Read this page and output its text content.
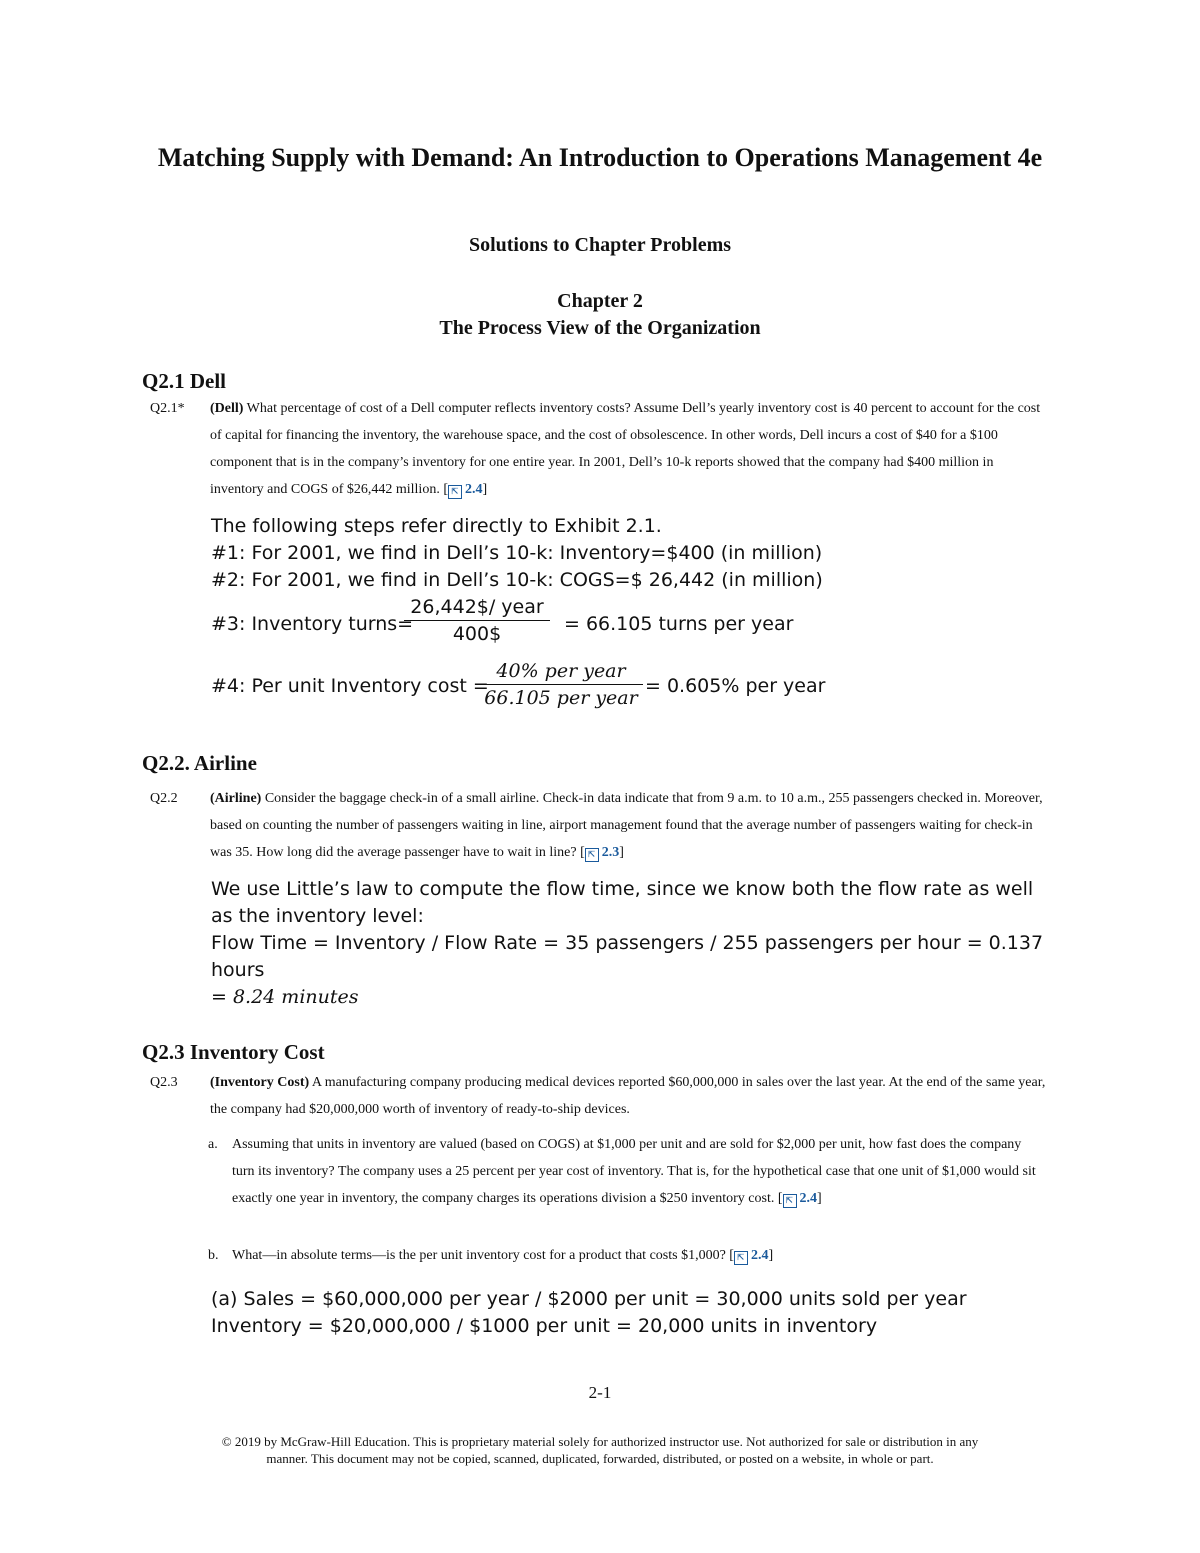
Matching Supply with Demand: An Introduction to Operations Management 4e
Solutions to Chapter Problems
Chapter 2
The Process View of the Organization
Q2.1 Dell
Q2.1*	(Dell) What percentage of cost of a Dell computer reflects inventory costs? Assume Dell’s yearly inventory cost is 40 percent to account for the cost of capital for financing the inventory, the warehouse space, and the cost of obsolescence. In other words, Dell incurs a cost of $40 for a $100 component that is in the company’s inventory for one entire year. In 2001, Dell’s 10-k reports showed that the company had $400 million in inventory and COGS of $26,442 million. [ ⇱ 2.4]
The following steps refer directly to Exhibit 2.1.
#1: For 2001, we find in Dell’s 10-k: Inventory=$400 (in million)
#2: For 2001, we find in Dell’s 10-k: COGS=$ 26,442 (in million)
#3: Inventory turns=
26,442$/ year
400$	= 66.105 turns per year
#4: Per unit Inventory cost =
40% per year
66.105 per year
= 0.605% per year
Q2.2. Airline
Q2.2	(Airline) Consider the baggage check-in of a small airline. Check-in data indicate that from 9 a.m. to 10 a.m., 255 passengers checked in. Moreover, based on counting the number of passengers waiting in line, airport management found that the average number of passengers waiting for check-in was 35. How long did the average passenger have to wait in line? [ ⇱ 2.3]
We use Little’s law to compute the flow time, since we know both the flow rate as well
as the inventory level:
Flow Time = Inventory / Flow Rate = 35 passengers / 255 passengers per hour = 0.137
hours
= 8.24 minutes
Q2.3 Inventory Cost
Q2.3	(Inventory Cost) A manufacturing company producing medical devices reported $60,000,000 in sales over the last year. At the end of the same year, the company had $20,000,000 worth of inventory of ready-to-ship devices.
a. Assuming that units in inventory are valued (based on COGS) at $1,000 per unit and are sold for $2,000 per unit, how fast does the company turn its inventory? The company uses a 25 percent per year cost of inventory. That is, for the hypothetical case that one unit of $1,000 would sit exactly one year in inventory, the company charges its operations division a $250 inventory cost. [ ⇱ 2.4]
b. What—in absolute terms—is the per unit inventory cost for a product that costs $1,000? [ ⇱ 2.4]
(a) Sales = $60,000,000 per year / $2000 per unit = 30,000 units sold per year
Inventory = $20,000,000 / $1000 per unit = 20,000 units in inventory
2-1
© 2019 by McGraw-Hill Education. This is proprietary material solely for authorized instructor use. Not authorized for sale or distribution in any manner. This document may not be copied, scanned, duplicated, forwarded, distributed, or posted on a website, in whole or part.
